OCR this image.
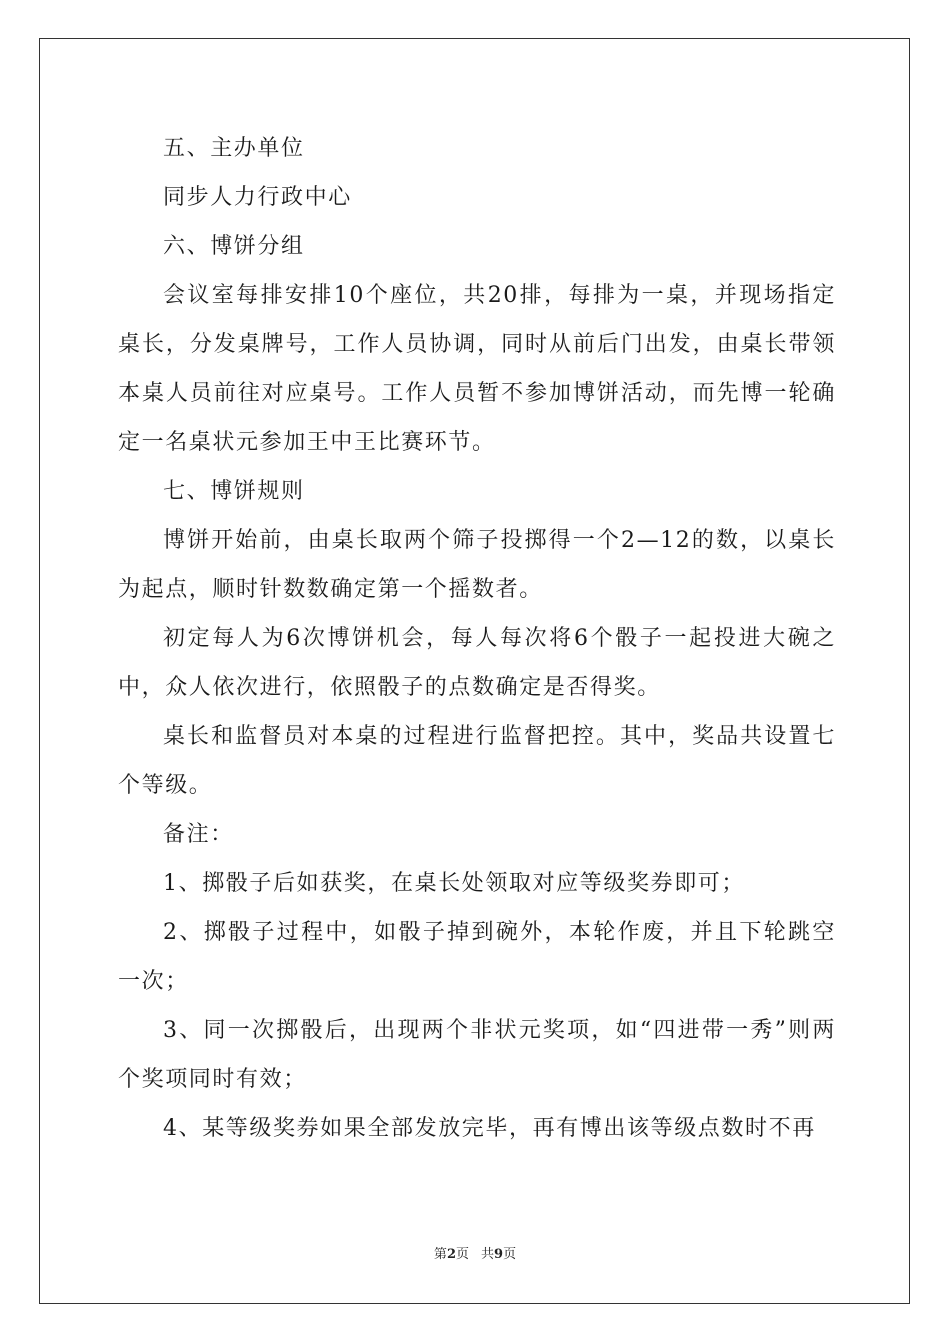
五、主办单位

同步人力行政中心

六、博饼分组

会议室每排安排10个座位，共20排，每排为一桌，并现场指定桌长，分发桌牌号，工作人员协调，同时从前后门出发，由桌长带领本桌人员前往对应桌号。工作人员暂不参加博饼活动，而先博一轮确定一名桌状元参加王中王比赛环节。

七、博饼规则

博饼开始前，由桌长取两个筛子投掷得一个2—12的数，以桌长为起点，顺时针数数确定第一个摇数者。

初定每人为6次博饼机会，每人每次将6个骰子一起投进大碗之中，众人依次进行，依照骰子的点数确定是否得奖。

桌长和监督员对本桌的过程进行监督把控。其中，奖品共设置七个等级。

备注：

1、掷骰子后如获奖，在桌长处领取对应等级奖券即可；

2、掷骰子过程中，如骰子掉到碗外，本轮作废，并且下轮跳空一次；

3、同一次掷骰后，出现两个非状元奖项，如“四进带一秀”则两个奖项同时有效；

4、某等级奖券如果全部发放完毕，再有博出该等级点数时不再

第2页 共9页
